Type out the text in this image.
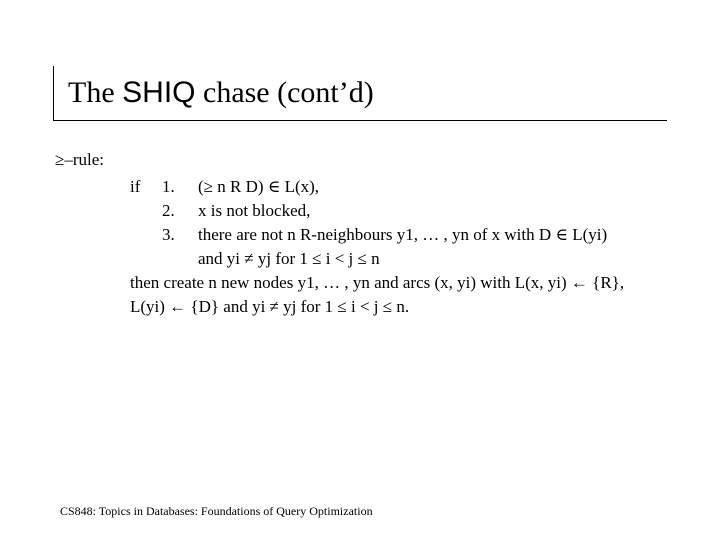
The SHIQ chase (cont’d)
≥–rule:
if 1. (≥ n R D) ∈ L(x),
2. x is not blocked,
3. there are not n R-neighbours y1, … , yn of x with D ∈ L(yi)
and yi ≠ yj for 1 ≤ i < j ≤ n
then create n new nodes y1, … , yn and arcs (x, yi) with L(x, yi) ← {R},
L(yi) ← {D} and yi ≠ yj for 1 ≤ i < j ≤ n.
CS848: Topics in Databases: Foundations of Query Optimization
